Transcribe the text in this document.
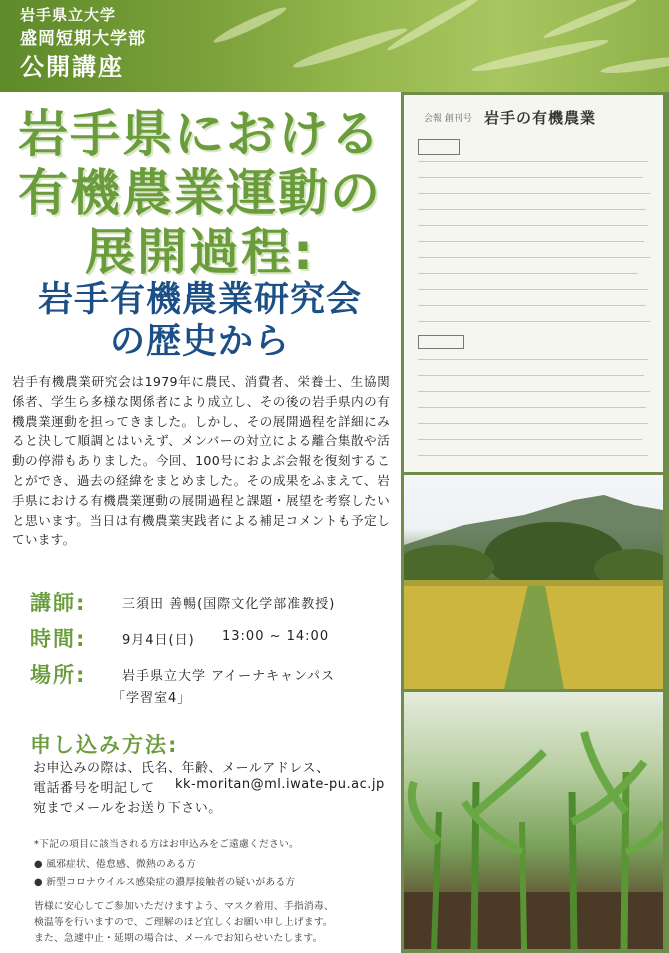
岩手県立大学
盛岡短期大学部
公開講座
岩手県における
有機農業運動の
展開過程:
岩手有機農業研究会
の歴史から
岩手有機農業研究会は1979年に農民、消費者、栄養士、生協関係者、学生ら多様な関係者により成立し、その後の岩手県内の有機農業運動を担ってきました。しかし、その展開過程を詳細にみると決して順調とはいえず、メンバーの対立による離合集散や活動の停滞もありました。今回、100号におよぶ会報を復刻することができ、過去の経緯をまとめました。その成果をふまえて、岩手県における有機農業運動の展開過程と課題・展望を考察したいと思います。当日は有機農業実践者による補足コメントも予定しています。
講師:	三須田 善暢(国際文化学部准教授)
時間:	9月4日(日) 13:00 ~ 14:00
場所:	岩手県立大学 アイーナキャンパス
「学習室4」
申し込み方法:
お申込みの際は、氏名、年齢、メールアドレス、
電話番号を明記して kk-moritan@ml.iwate-pu.ac.jp
宛までメールをお送り下さい。
*下記の項目に該当される方はお申込みをご遠慮ください。
● 風邪症状、倦怠感、微熱のある方
● 新型コロナウイルス感染症の濃厚接触者の疑いがある方
皆様に安心してご参加いただけますよう、マスク着用、手指消毒、
検温等を行いますので、ご理解のほど宜しくお願い申し上げます。
また、急遽中止・延期の場合は、メールでお知らせいたします。
会報 創刊号 岩手の有機農業
